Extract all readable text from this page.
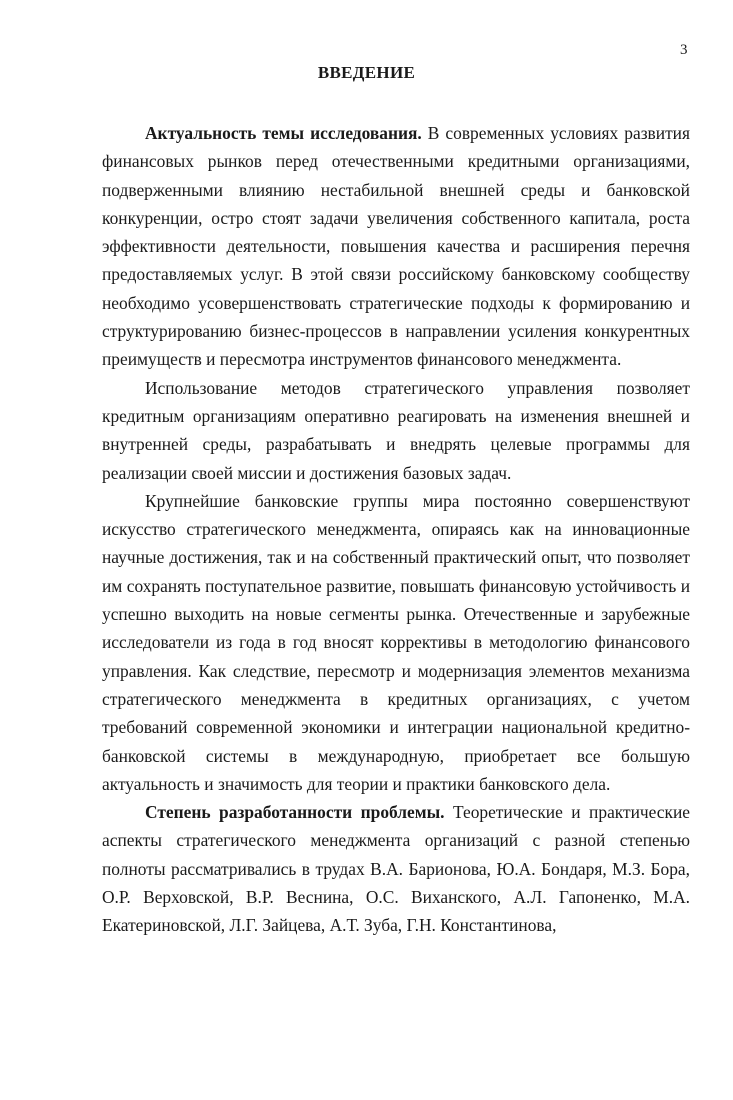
3
ВВЕДЕНИЕ

Актуальность темы исследования. В современных условиях развития финансовых рынков перед отечественными кредитными организациями, подверженными влиянию нестабильной внешней среды и банковской конкуренции, остро стоят задачи увеличения собственного капитала, роста эффективности деятельности, повышения качества и расширения перечня предоставляемых услуг. В этой связи российскому банковскому сообществу необходимо усовершенствовать стратегические подходы к формированию и структурированию бизнес-процессов в направлении усиления конкурентных преимуществ и пересмотра инструментов финансового менеджмента.

Использование методов стратегического управления позволяет кредитным организациям оперативно реагировать на изменения внешней и внутренней среды, разрабатывать и внедрять целевые программы для реализации своей миссии и достижения базовых задач.

Крупнейшие банковские группы мира постоянно совершенствуют искусство стратегического менеджмента, опираясь как на инновационные научные достижения, так и на собственный практический опыт, что позволяет им сохранять поступательное развитие, повышать финансовую устойчивость и успешно выходить на новые сегменты рынка. Отечественные и зарубежные исследователи из года в год вносят коррективы в методологию финансового управления. Как следствие, пересмотр и модернизация элементов механизма стратегического менеджмента в кредитных организациях, с учетом требований современной экономики и интеграции национальной кредитно-банковской системы в международную, приобретает все большую актуальность и значимость для теории и практики банковского дела.

Степень разработанности проблемы. Теоретические и практические аспекты стратегического менеджмента организаций с разной степенью полноты рассматривались в трудах В.А. Барионова, Ю.А. Бондаря, М.З. Бора, О.Р. Верховской, В.Р. Веснина, О.С. Виханского, А.Л. Гапоненко, М.А. Екатериновской, Л.Г. Зайцева, А.Т. Зуба, Г.Н. Константинова,
